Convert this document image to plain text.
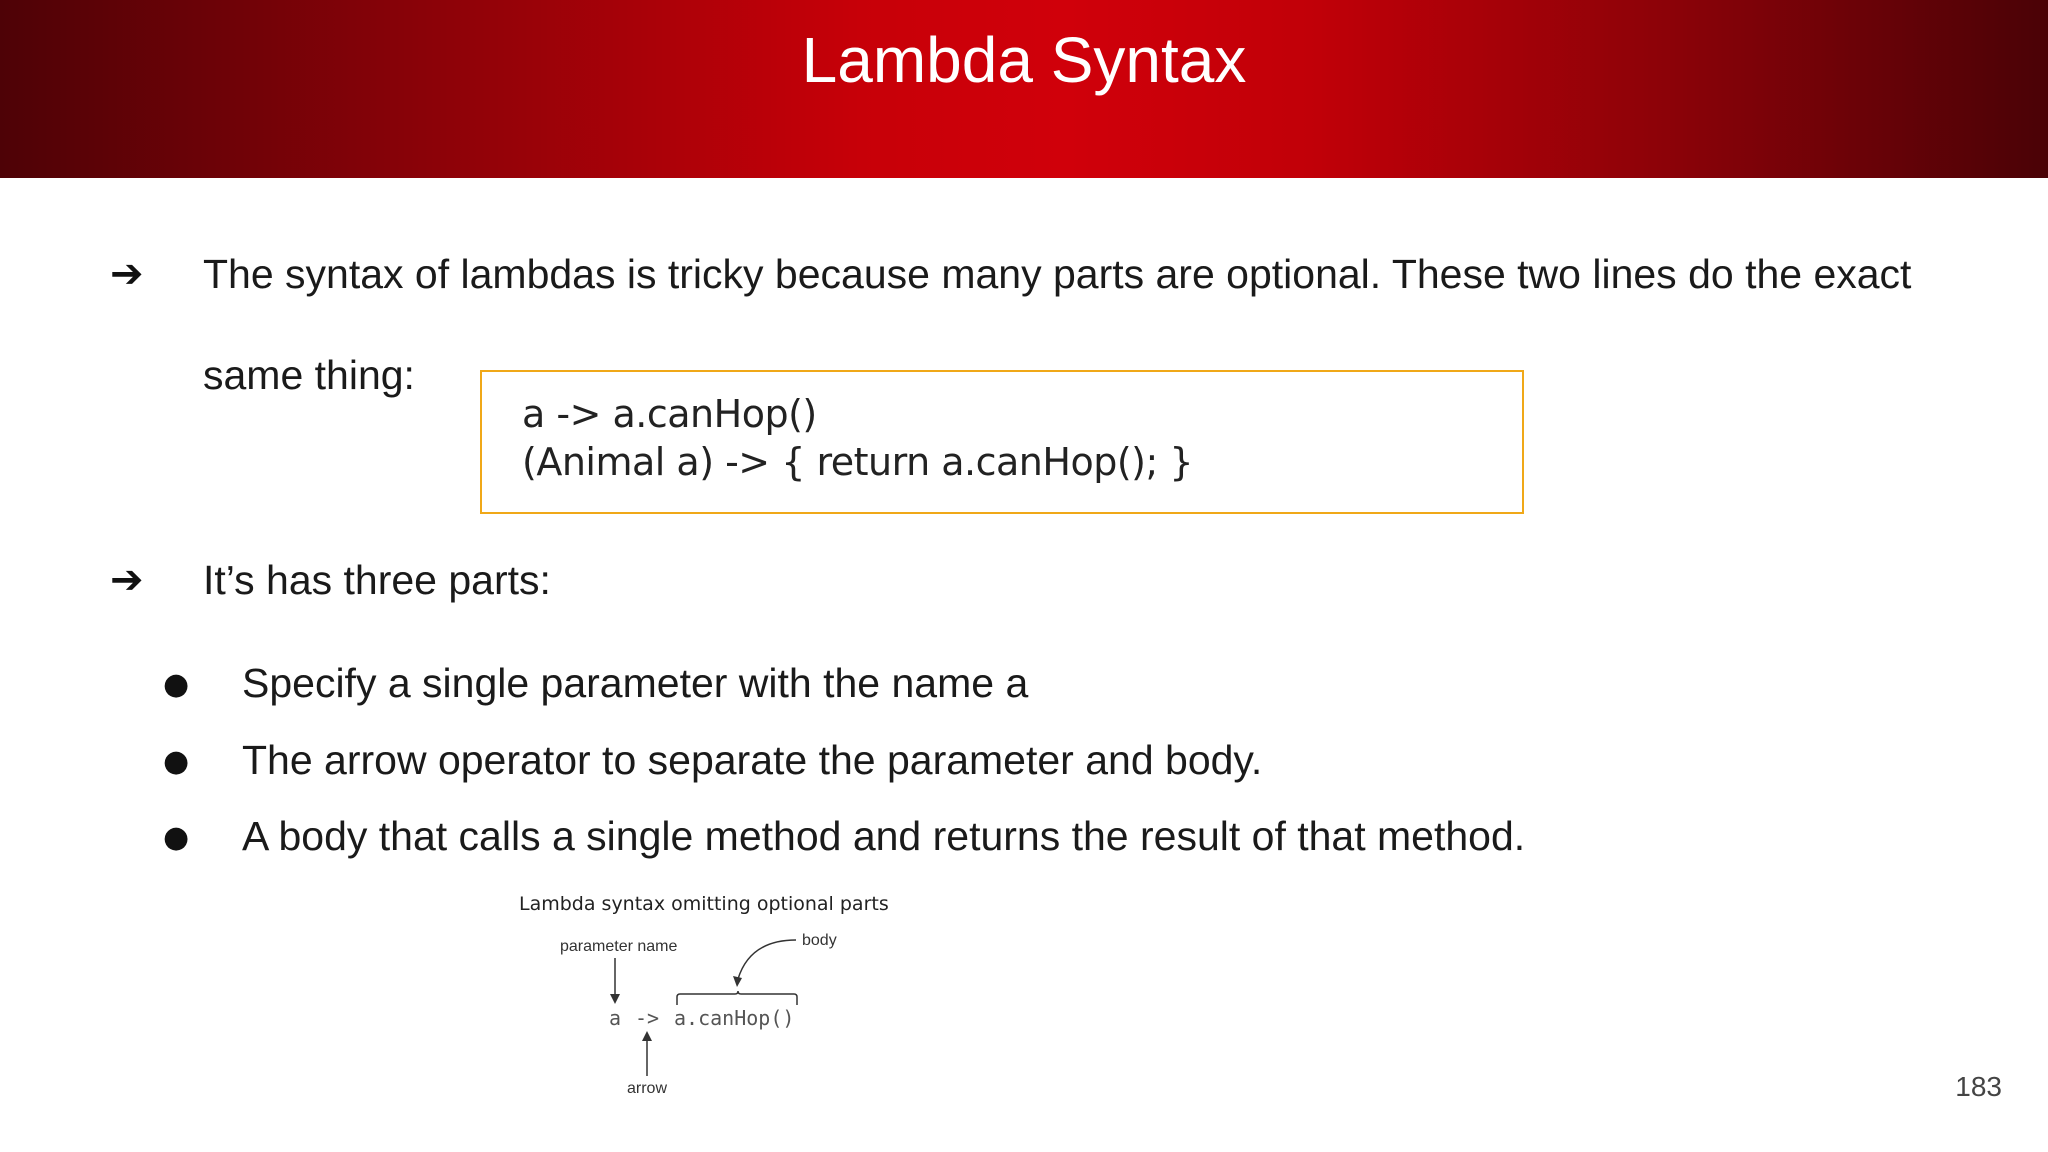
Lambda Syntax
➔ The syntax of lambdas is tricky because many parts are optional. These two lines do the exact
same thing:
a -> a.canHop()
(Animal a) -> { return a.canHop(); }
➔ It’s has three parts:
● Specify a single parameter with the name a
● The arrow operator to separate the parameter and body.
● A body that calls a single method and returns the result of that method.
Lambda syntax omitting optional parts
parameter name	body
a -> a.canHop()
arrow	183
